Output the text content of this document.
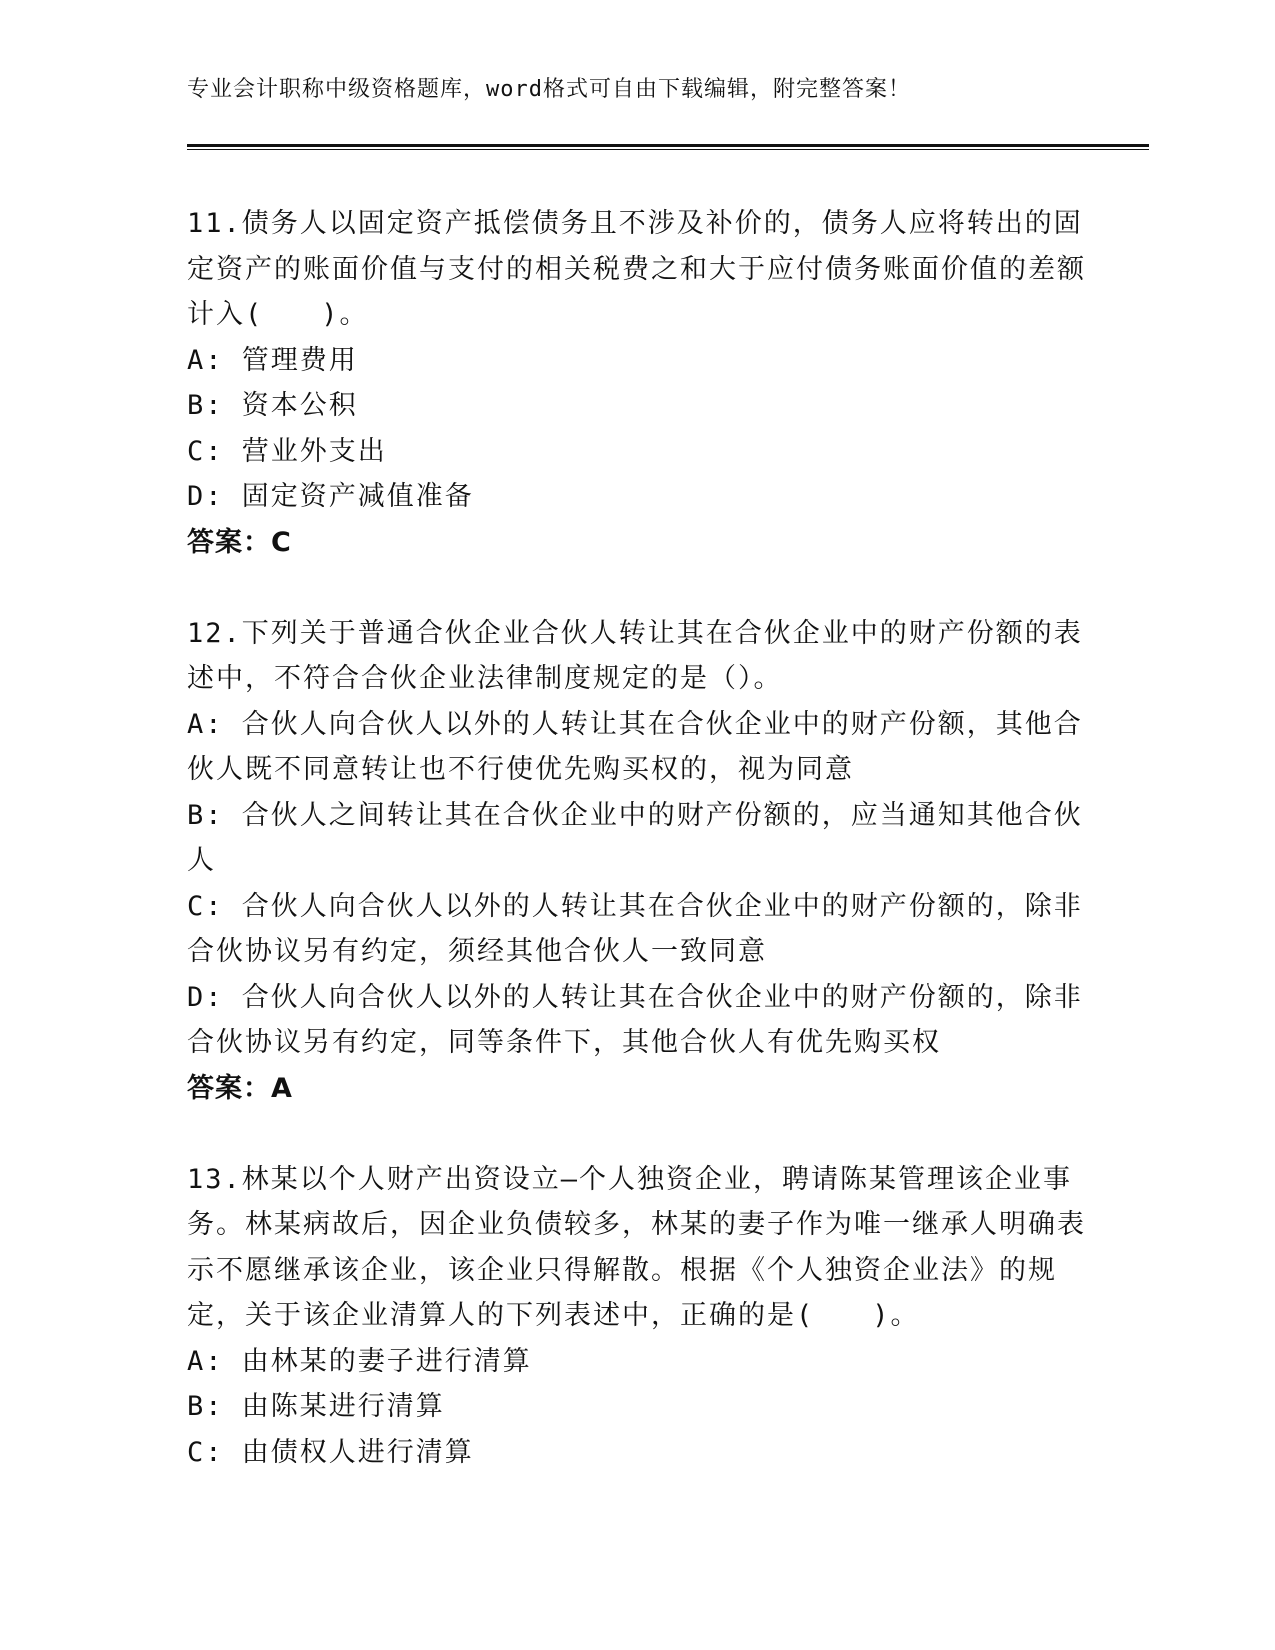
专业会计职称中级资格题库，word格式可自由下载编辑，附完整答案！
11.债务人以固定资产抵偿债务且不涉及补价的，债务人应将转出的固定资产的账面价值与支付的相关税费之和大于应付债务账面价值的差额计入(　　)。
A: 管理费用
B: 资本公积
C: 营业外支出
D: 固定资产减值准备
答案：C
12.下列关于普通合伙企业合伙人转让其在合伙企业中的财产份额的表述中，不符合合伙企业法律制度规定的是（）。
A: 合伙人向合伙人以外的人转让其在合伙企业中的财产份额，其他合伙人既不同意转让也不行使优先购买权的，视为同意
B: 合伙人之间转让其在合伙企业中的财产份额的，应当通知其他合伙人
C: 合伙人向合伙人以外的人转让其在合伙企业中的财产份额的，除非合伙协议另有约定，须经其他合伙人一致同意
D: 合伙人向合伙人以外的人转让其在合伙企业中的财产份额的，除非合伙协议另有约定，同等条件下，其他合伙人有优先购买权
答案：A
13.林某以个人财产出资设立—个人独资企业，聘请陈某管理该企业事务。林某病故后，因企业负债较多，林某的妻子作为唯一继承人明确表示不愿继承该企业，该企业只得解散。根据《个人独资企业法》的规定，关于该企业清算人的下列表述中，正确的是(　　)。
A: 由林某的妻子进行清算
B: 由陈某进行清算
C: 由债权人进行清算
